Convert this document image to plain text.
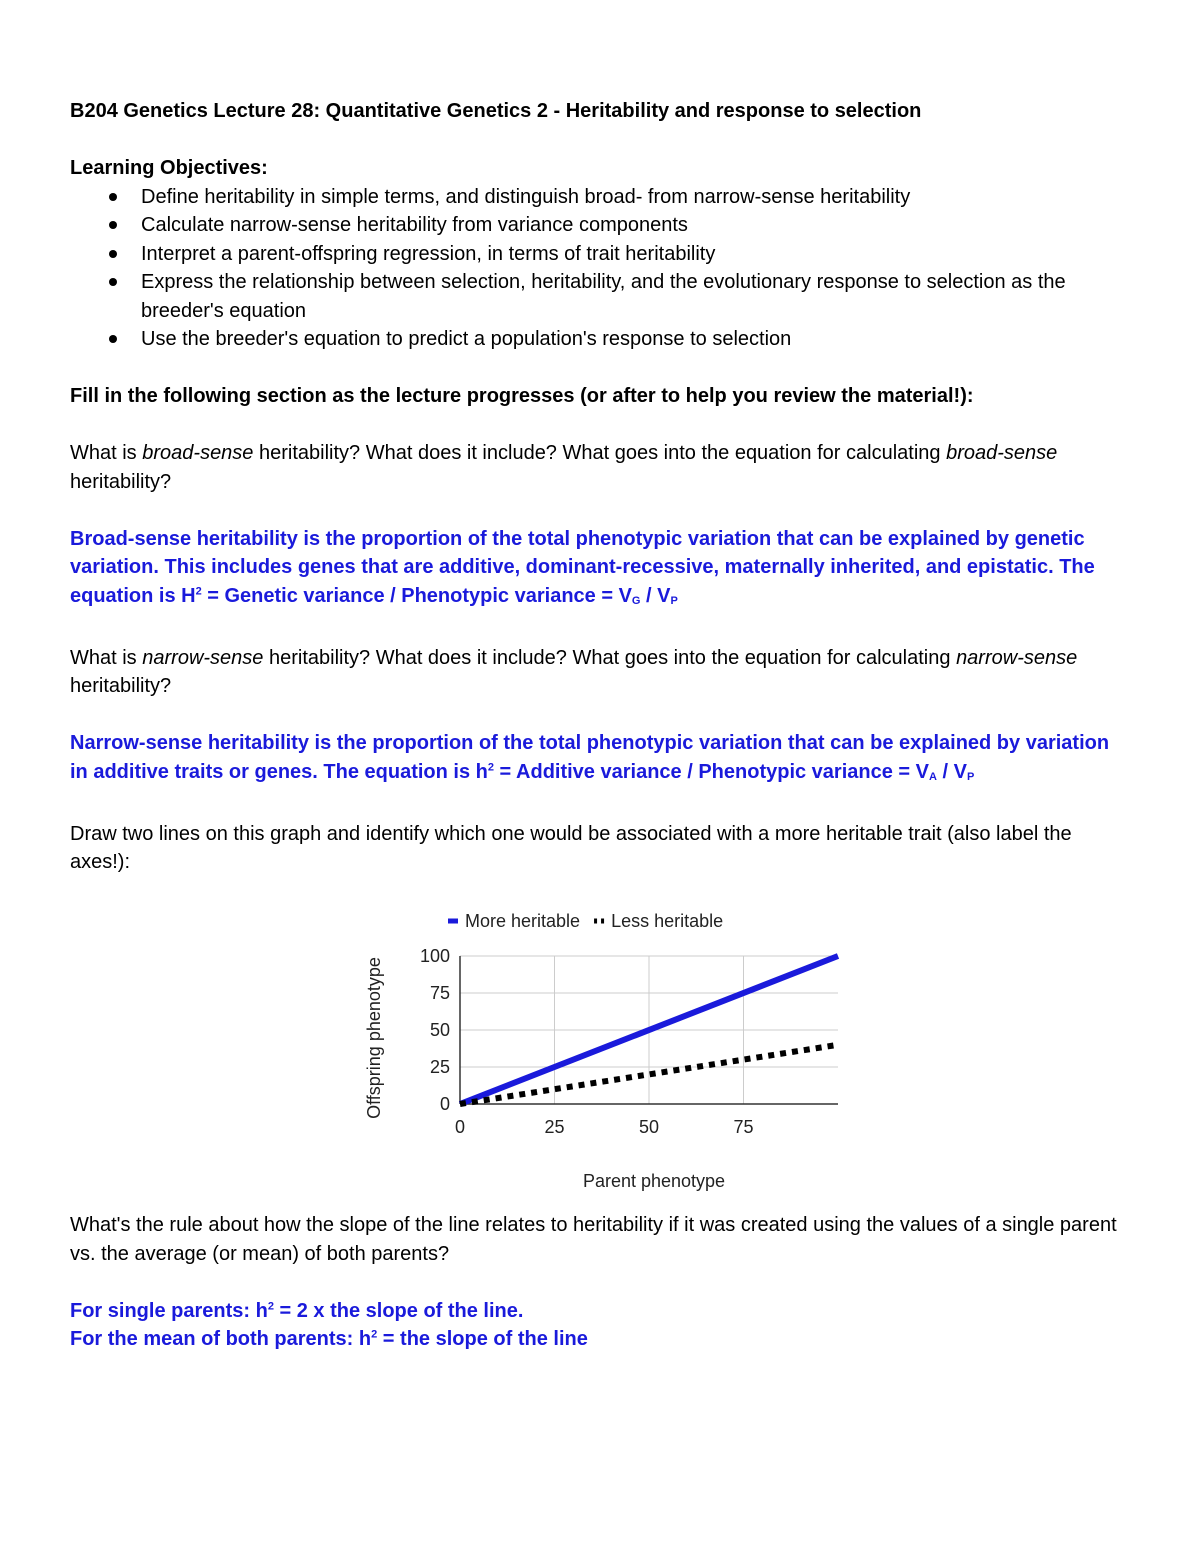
B204 Genetics Lecture 28: Quantitative Genetics 2 - Heritability and response to selection

Learning Objectives:

Define heritability in simple terms, and distinguish broad- from narrow-sense heritability
Calculate narrow-sense heritability from variance components
Interpret a parent-offspring regression, in terms of trait heritability
Express the relationship between selection, heritability, and the evolutionary response to selection as the breeder's equation
Use the breeder's equation to predict a population's response to selection

Fill in the following section as the lecture progresses (or after to help you review the material!):

What is broad-sense heritability? What does it include? What goes into the equation for calculating broad-sense heritability?

Broad-sense heritability is the proportion of the total phenotypic variation that can be explained by genetic variation. This includes genes that are additive, dominant-recessive, maternally inherited, and epistatic. The equation is $H^2$ = Genetic variance / Phenotypic variance = VG / VP

What is narrow-sense heritability? What does it include? What goes into the equation for calculating narrow-sense heritability?

Narrow-sense heritability is the proportion of the total phenotypic variation that can be explained by variation in additive traits or genes. The equation is $h^2$ = Additive variance / Phenotypic variance = VA / VP

Draw two lines on this graph and identify which one would be associated with a more heritable trait (also label the axes!):

0
25
50
75
100
0	25	50	75
Parent phenotype
Offspring phenotype
More heritable Less heritable

What's the rule about how the slope of the line relates to heritability if it was created using the values of a single parent vs. the average (or mean) of both parents?

For single parents: $h^2 = 2$ x the slope of the line.

For the mean of both parents: $h^2$ = the slope of the line
